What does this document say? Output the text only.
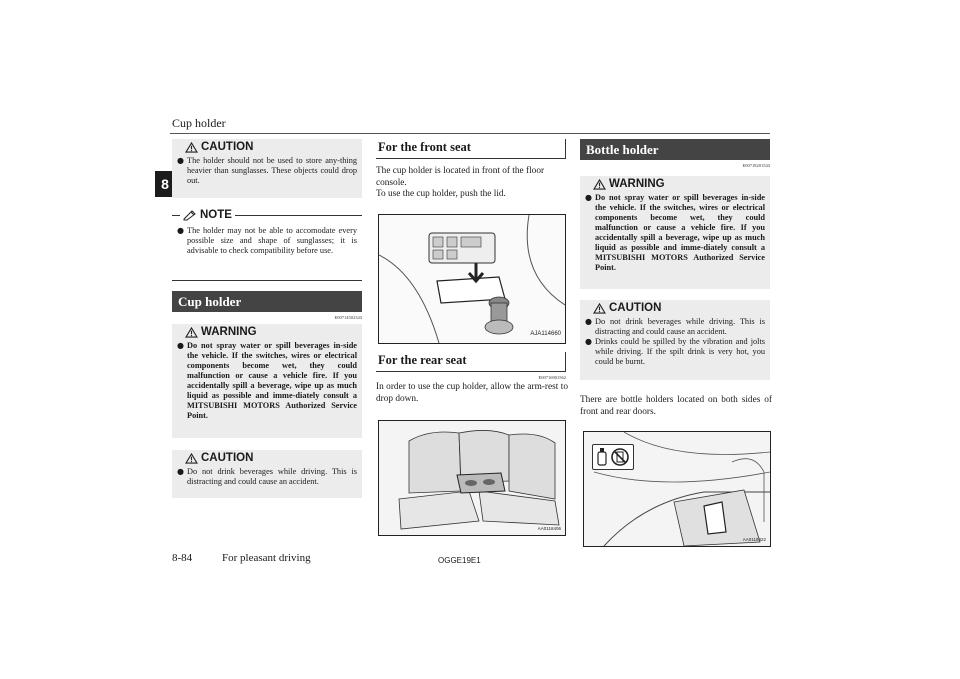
Cup holder
8
CAUTION
● The holder should not be used to store any-thing heavier than sunglasses. These objects could drop out.
NOTE
● The holder may not be able to accomodate every possible size and shape of sunglasses; it is advisable to check compatibility before use.
Cup holder
E00714502343
WARNING
● Do not spray water or spill beverages in-side the vehicle. If the switches, wires or electrical components become wet, they could malfunction or cause a vehicle fire. If you accidentally spill a beverage, wipe up as much liquid as possible and imme-diately consult a MITSUBISHI MOTORS Authorized Service Point.
CAUTION
● Do not drink beverages while driving. This is distracting and could cause an accident.
For the front seat
The cup holder is located in front of the floor console.
To use the cup holder, push the lid.
AJA114660
For the rear seat
E00716901562
In order to use the cup holder, allow the arm-rest to drop down.
AA0118406
Bottle holder
E00718201543
WARNING
● Do not spray water or spill beverages in-side the vehicle. If the switches, wires or electrical components become wet, they could malfunction or cause a vehicle fire. If you accidentally spill a beverage, wipe up as much liquid as possible and imme-diately consult a MITSUBISHI MOTORS Authorized Service Point.
CAUTION
● Do not drink beverages while driving. This is distracting and could cause an accident.
● Drinks could be spilled by the vibration and jolts while driving. If the spilt drink is very hot, you could be burnt.
There are bottle holders located on both sides of front and rear doors.
AA0118422
8-84	For pleasant driving	OGGE19E1
